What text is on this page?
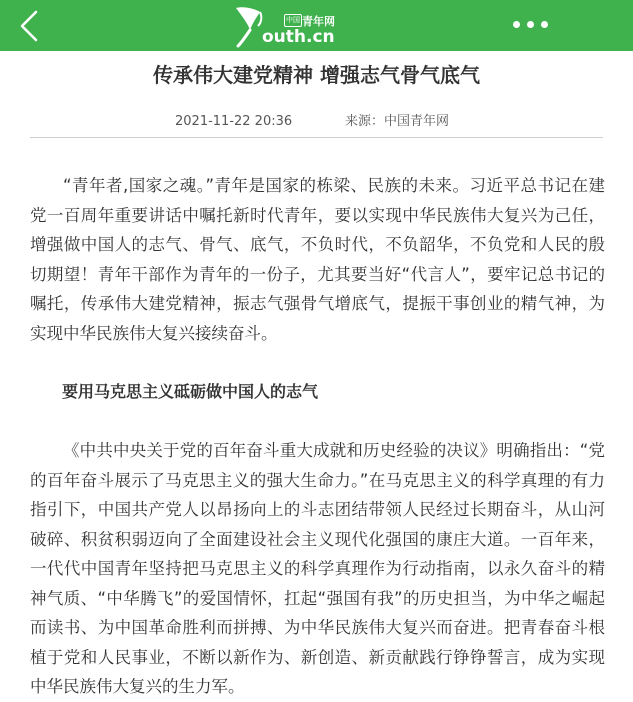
中国 青年网
outh.cn
传承伟大建党精神 增强志气骨气底气
2021-11-22 20:36	来源：中国青年网

“青年者,国家之魂。”青年是国家的栋梁、民族的未来。习近平总书记在建党一百周年重要讲话中嘱托新时代青年，要以实现中华民族伟大复兴为己任，增强做中国人的志气、骨气、底气，不负时代，不负韶华，不负党和人民的殷切期望！青年干部作为青年的一份子，尤其要当好“代言人”，要牢记总书记的嘱托，传承伟大建党精神，振志气强骨气增底气，提振干事创业的精气神，为实现中华民族伟大复兴接续奋斗。

要用马克思主义砥砺做中国人的志气

《中共中央关于党的百年奋斗重大成就和历史经验的决议》明确指出：“党的百年奋斗展示了马克思主义的强大生命力。”在马克思主义的科学真理的有力指引下，中国共产党人以昂扬向上的斗志团结带领人民经过长期奋斗，从山河破碎、积贫积弱迈向了全面建设社会主义现代化强国的康庄大道。一百年来，一代代中国青年坚持把马克思主义的科学真理作为行动指南，以永久奋斗的精神气质、“中华腾飞”的爱国情怀，扛起“强国有我”的历史担当，为中华之崛起而读书、为中国革命胜利而拼搏、为中华民族伟大复兴而奋进。把青春奋斗根植于党和人民事业，不断以新作为、新创造、新贡献践行铮铮誓言，成为实现中华民族伟大复兴的生力军。
